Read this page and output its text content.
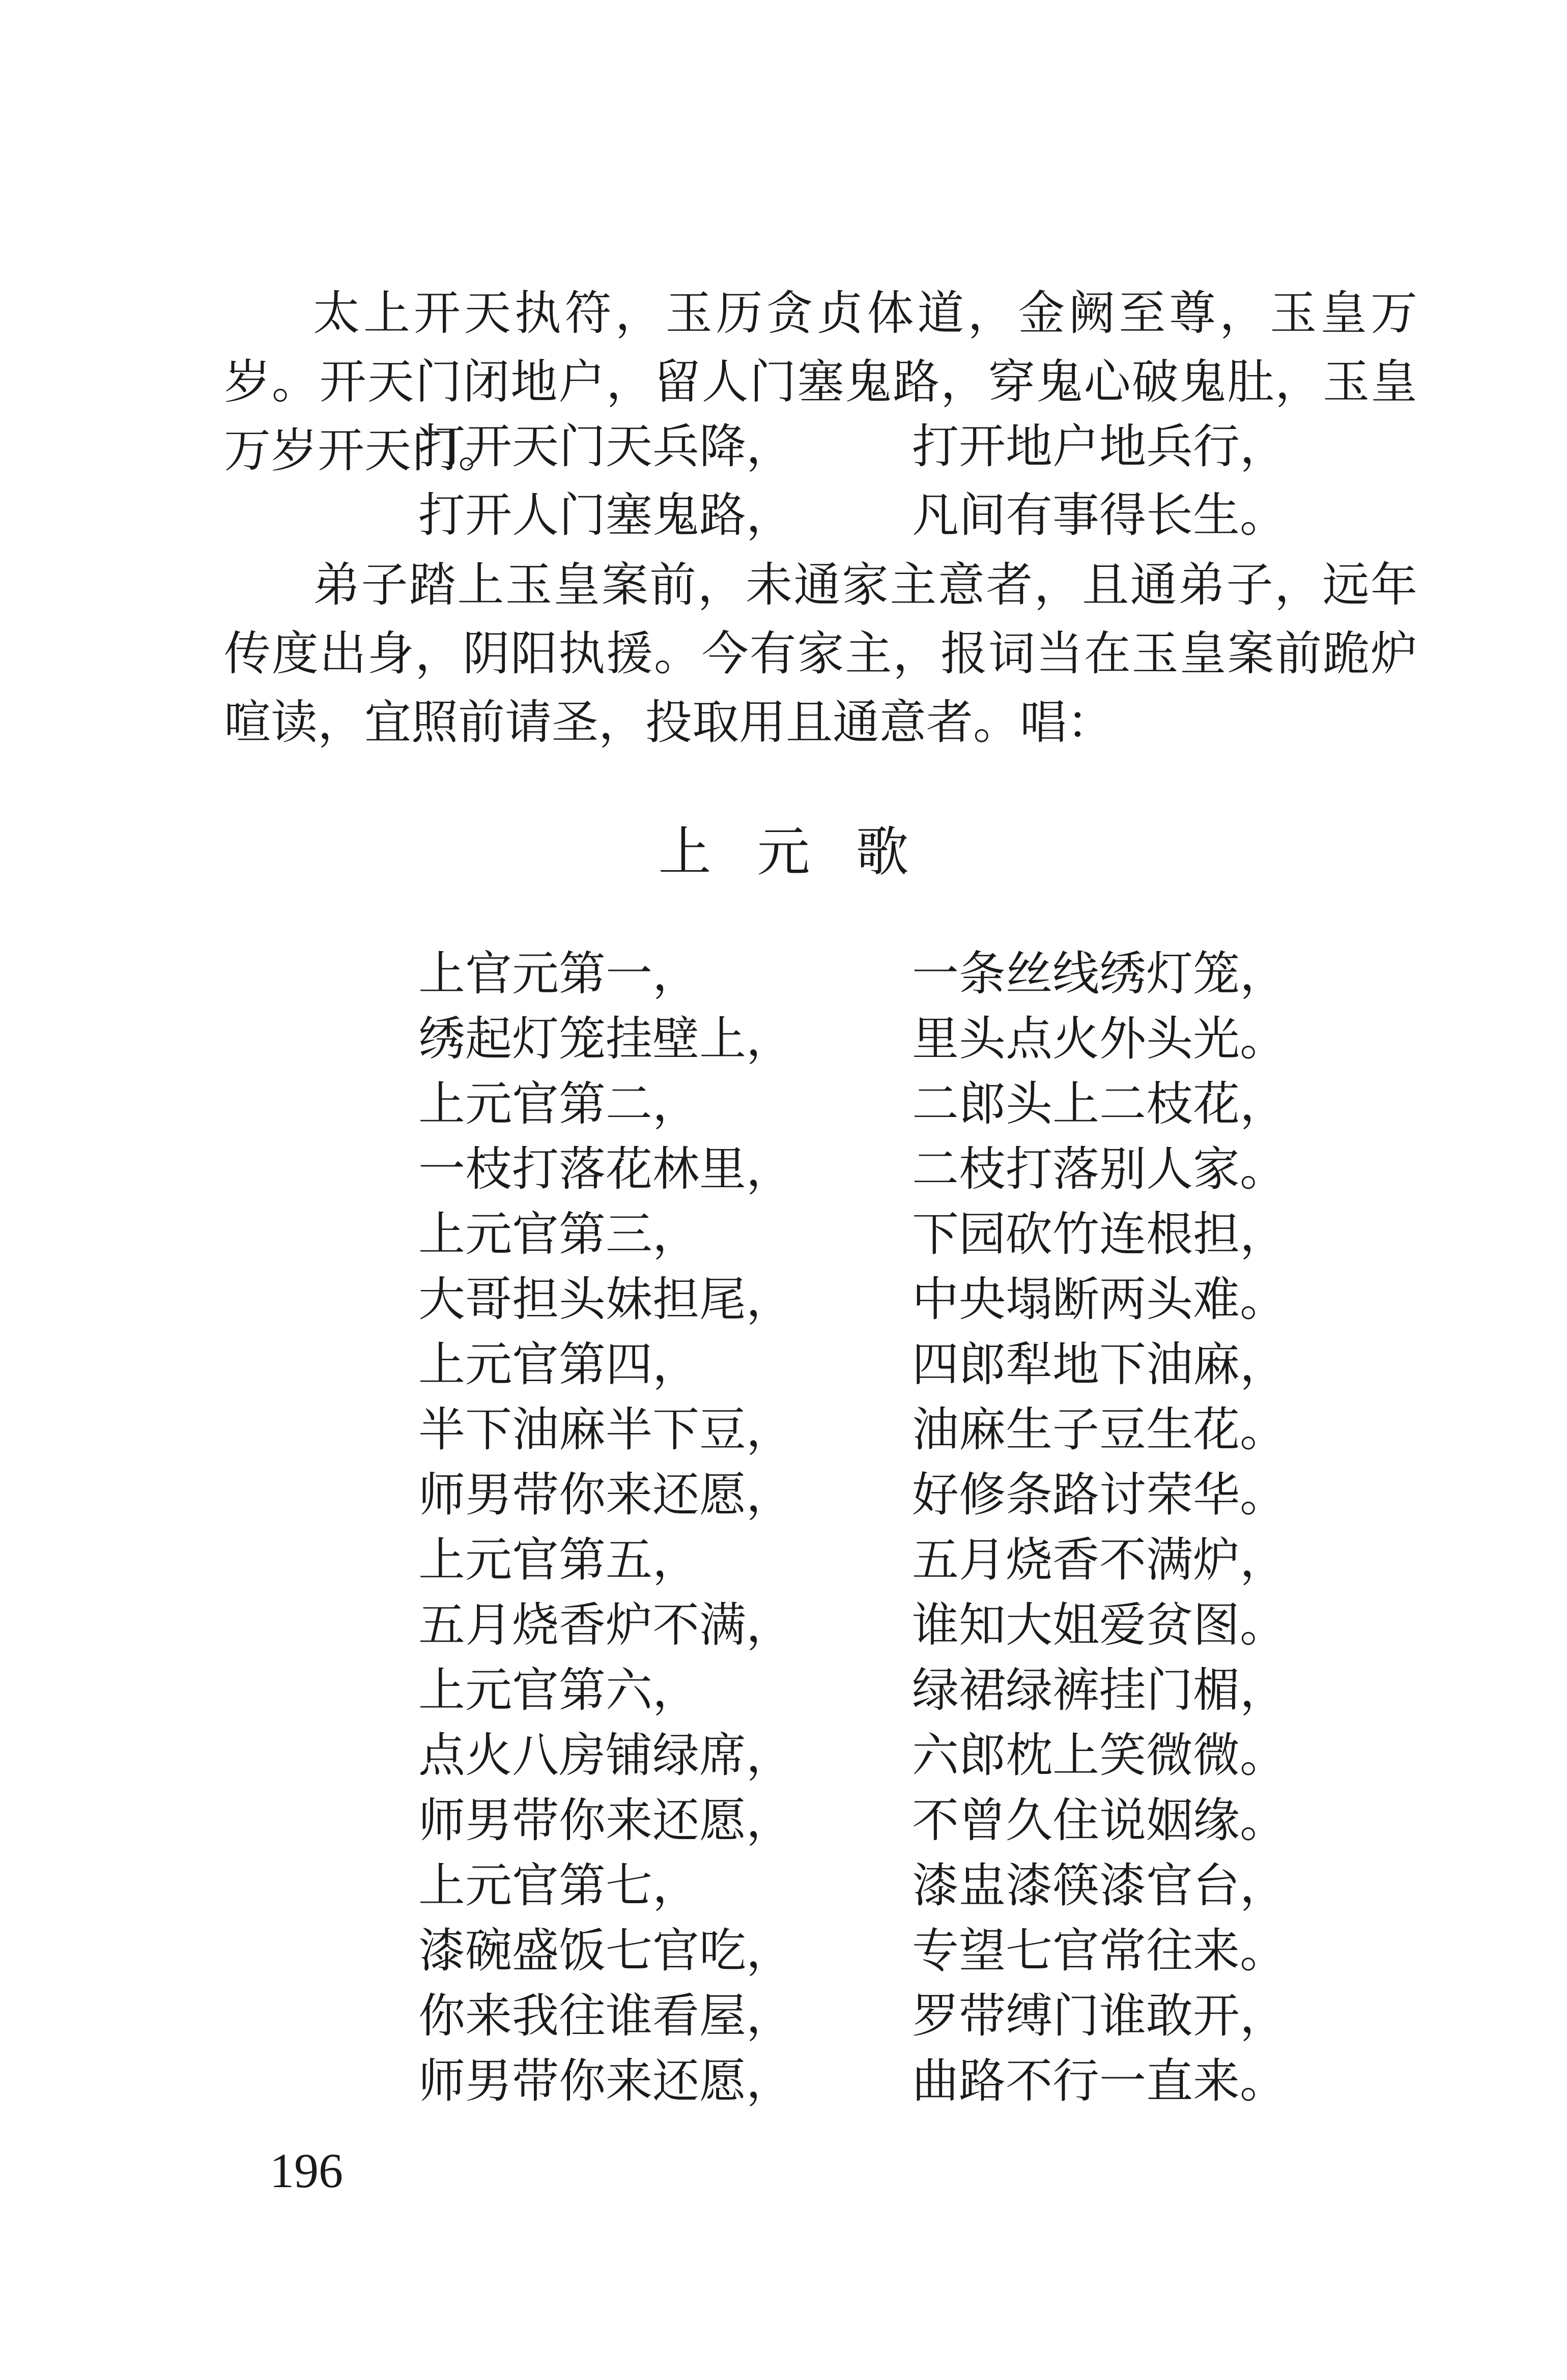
太上开天执符，玉历贪贞体道，金阙至尊，玉皇万岁。开天门闭地户，留人门塞鬼路，穿鬼心破鬼肚，玉皇万岁开天门。

打开天门天兵降，	打开地户地兵行，
打开人门塞鬼路，	凡间有事得长生。

弟子踏上玉皇案前，未通家主意者，且通弟子，远年传度出身，阴阳执援。今有家主，报词当在玉皇案前跪炉喧读，宜照前请圣，投取用且通意者。唱：

上元歌
上官元第一，	一条丝线绣灯笼，
绣起灯笼挂壁上，	里头点火外头光。
上元官第二，	二郎头上二枝花，
一枝打落花林里，	二枝打落别人家。
上元官第三，	下园砍竹连根担，
大哥担头妹担尾，	中央塌断两头难。
上元官第四，	四郎犁地下油麻，
半下油麻半下豆，	油麻生子豆生花。
师男带你来还愿，	好修条路讨荣华。
上元官第五，	五月烧香不满炉，
五月烧香炉不满，	谁知大姐爱贫图。
上元官第六，	绿裙绿裤挂门楣，
点火八房铺绿席，	六郎枕上笑微微。
师男带你来还愿，	不曾久住说姻缘。
上元官第七，	漆盅漆筷漆官台，
漆碗盛饭七官吃，	专望七官常往来。
你来我往谁看屋，	罗带缚门谁敢开，
师男带你来还愿，	曲路不行一直来。
196
